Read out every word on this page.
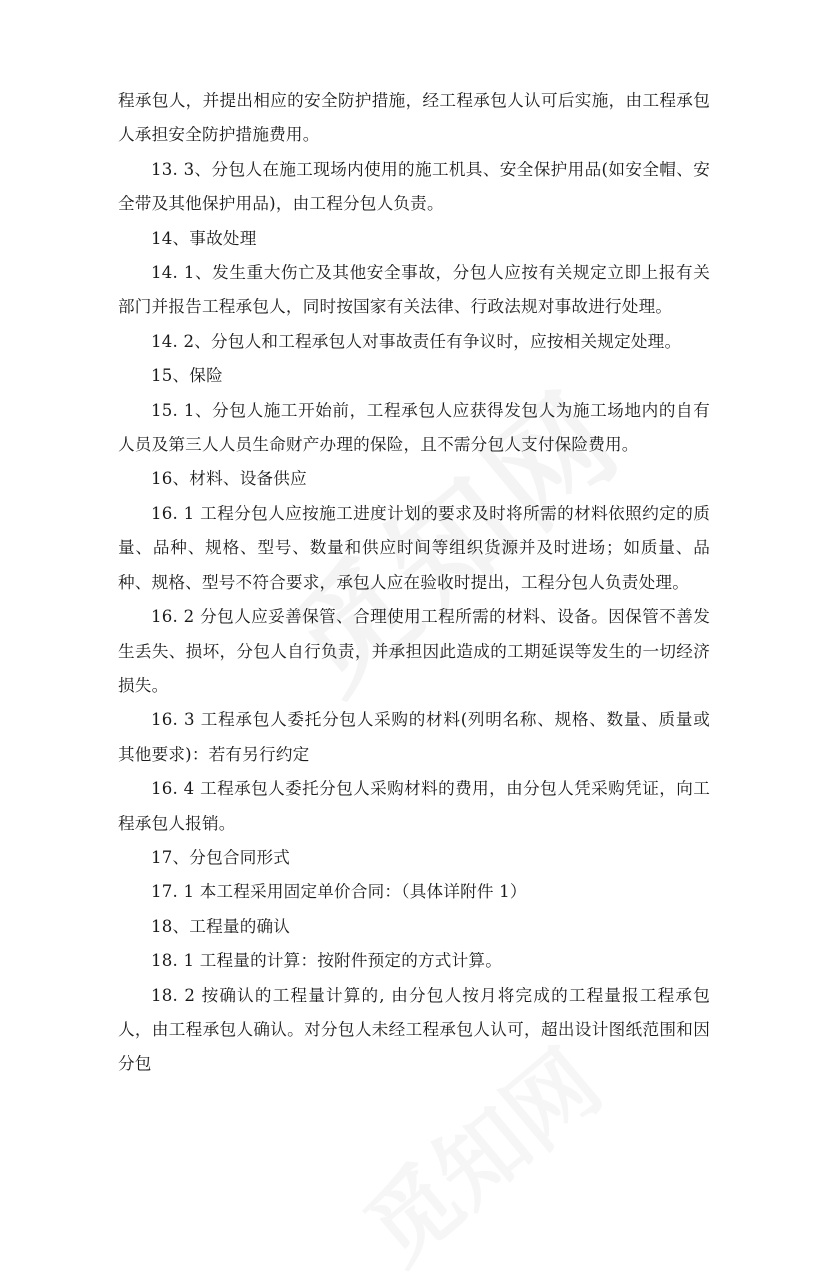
程承包人，并提出相应的安全防护措施，经工程承包人认可后实施，由工程承包人承担安全防护措施费用。

13. 3、分包人在施工现场内使用的施工机具、安全保护用品(如安全帽、安全带及其他保护用品)，由工程分包人负责。

14、事故处理

14. 1、发生重大伤亡及其他安全事故，分包人应按有关规定立即上报有关部门并报告工程承包人，同时按国家有关法律、行政法规对事故进行处理。

14. 2、分包人和工程承包人对事故责任有争议时，应按相关规定处理。

15、保险

15. 1、分包人施工开始前，工程承包人应获得发包人为施工场地内的自有人员及第三人人员生命财产办理的保险，且不需分包人支付保险费用。

16、材料、设备供应

16. 1 工程分包人应按施工进度计划的要求及时将所需的材料依照约定的质量、品种、规格、型号、数量和供应时间等组织货源并及时进场；如质量、品种、规格、型号不符合要求，承包人应在验收时提出，工程分包人负责处理。

16. 2 分包人应妥善保管、合理使用工程所需的材料、设备。因保管不善发生丢失、损坏，分包人自行负责，并承担因此造成的工期延误等发生的一切经济损失。

16. 3 工程承包人委托分包人采购的材料(列明名称、规格、数量、质量或其他要求)：若有另行约定

16. 4 工程承包人委托分包人采购材料的费用，由分包人凭采购凭证，向工程承包人报销。

17、分包合同形式

17. 1 本工程采用固定单价合同：（具体详附件 1）

18、工程量的确认

18. 1 工程量的计算：按附件预定的方式计算。

18. 2 按确认的工程量计算的, 由分包人按月将完成的工程量报工程承包人，由工程承包人确认。对分包人未经工程承包人认可，超出设计图纸范围和因分包
